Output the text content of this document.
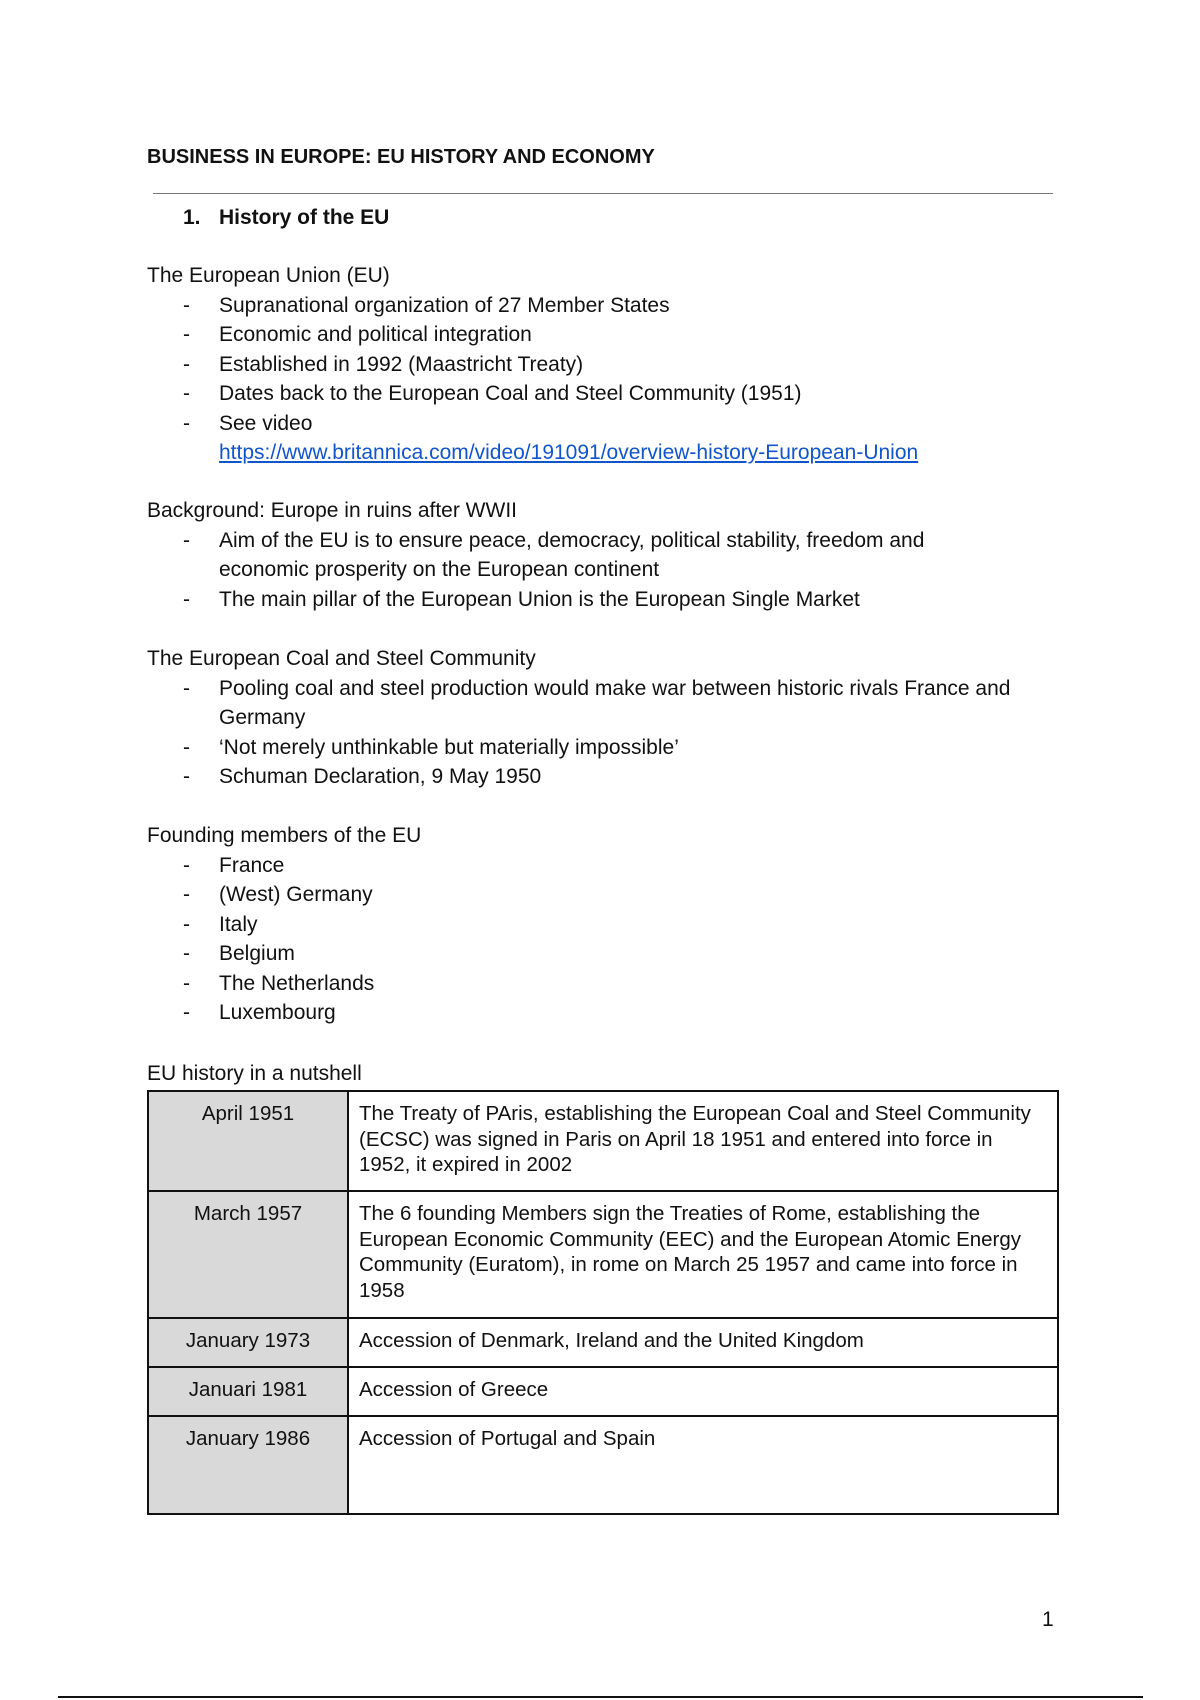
BUSINESS IN EUROPE: EU HISTORY AND ECONOMY
1. History of the EU
The European Union (EU)
- Supranational organization of 27 Member States
- Economic and political integration
- Established in 1992 (Maastricht Treaty)
- Dates back to the European Coal and Steel Community (1951)
- See video
https://www.britannica.com/video/191091/overview-history-European-Union
Background: Europe in ruins after WWII
- Aim of the EU is to ensure peace, democracy, political stability, freedom and
economic prosperity on the European continent
- The main pillar of the European Union is the European Single Market
The European Coal and Steel Community
- Pooling coal and steel production would make war between historic rivals France and
Germany
- ‘Not merely unthinkable but materially impossible’
- Schuman Declaration, 9 May 1950
Founding members of the EU
- France
- (West) Germany
- Italy
- Belgium
- The Netherlands
- Luxembourg
EU history in a nutshell
April 1951	The Treaty of PAris, establishing the European Coal and Steel Community (ECSC) was signed in Paris on April 18 1951 and entered into force in 1952, it expired in 2002
March 1957	The 6 founding Members sign the Treaties of Rome, establishing the European Economic Community (EEC) and the European Atomic Energy Community (Euratom), in rome on March 25 1957 and came into force in 1958
January 1973	Accession of Denmark, Ireland and the United Kingdom
Januari 1981	Accession of Greece
January 1986	Accession of Portugal and Spain
1
